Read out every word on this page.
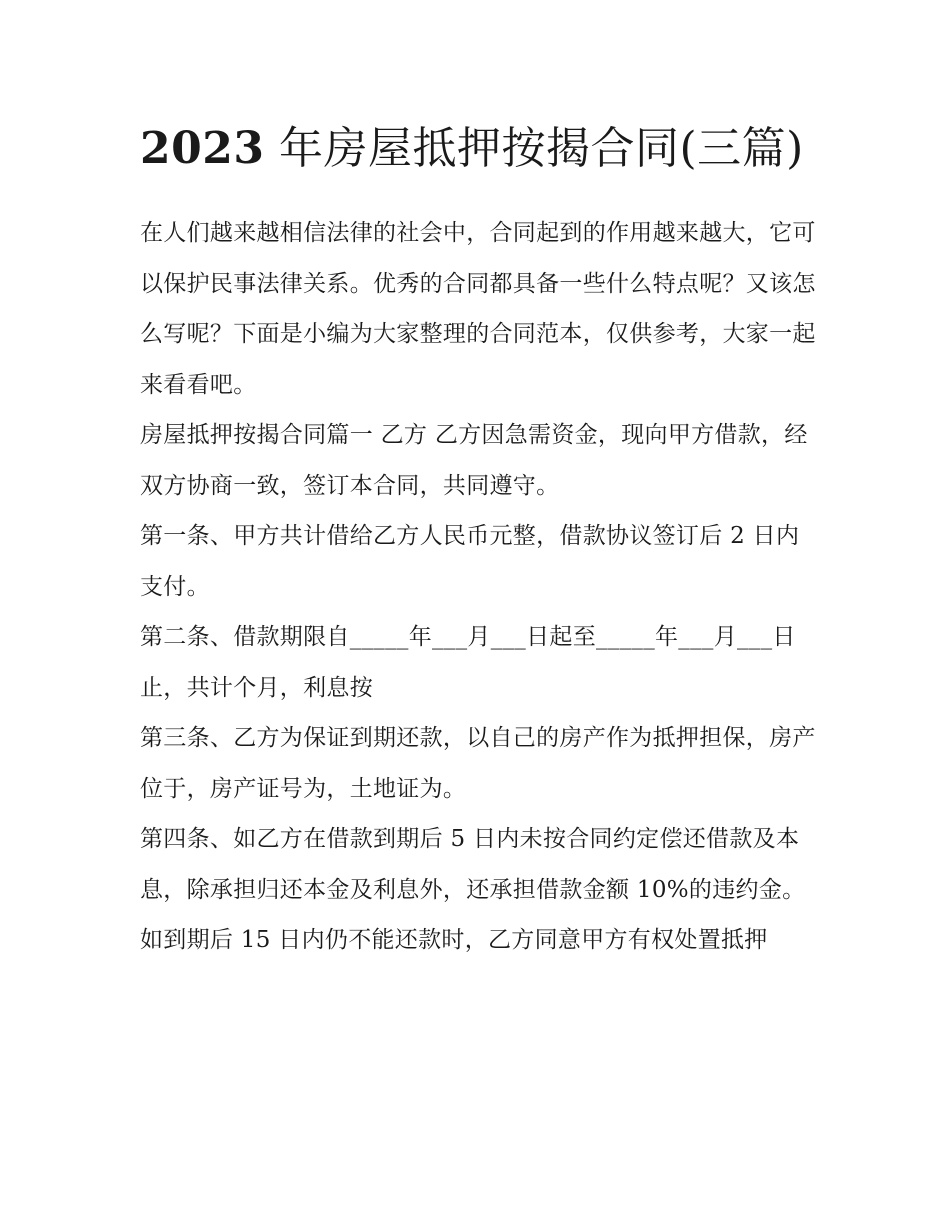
2023 年房屋抵押按揭合同(三篇)

在人们越来越相信法律的社会中，合同起到的作用越来越大，它可以保护民事法律关系。优秀的合同都具备一些什么特点呢？又该怎么写呢？下面是小编为大家整理的合同范本，仅供参考，大家一起来看看吧。

房屋抵押按揭合同篇一 乙方 乙方因急需资金，现向甲方借款，经双方协商一致，签订本合同，共同遵守。

第一条、甲方共计借给乙方人民币元整，借款协议签订后 2 日内支付。

第二条、借款期限自_____年___月___日起至_____年___月___日止，共计个月，利息按

第三条、乙方为保证到期还款，以自己的房产作为抵押担保，房产位于，房产证号为，土地证为。

第四条、如乙方在借款到期后 5 日内未按合同约定偿还借款及本息，除承担归还本金及利息外，还承担借款金额 10%的违约金。

如到期后 15 日内仍不能还款时，乙方同意甲方有权处置抵押
